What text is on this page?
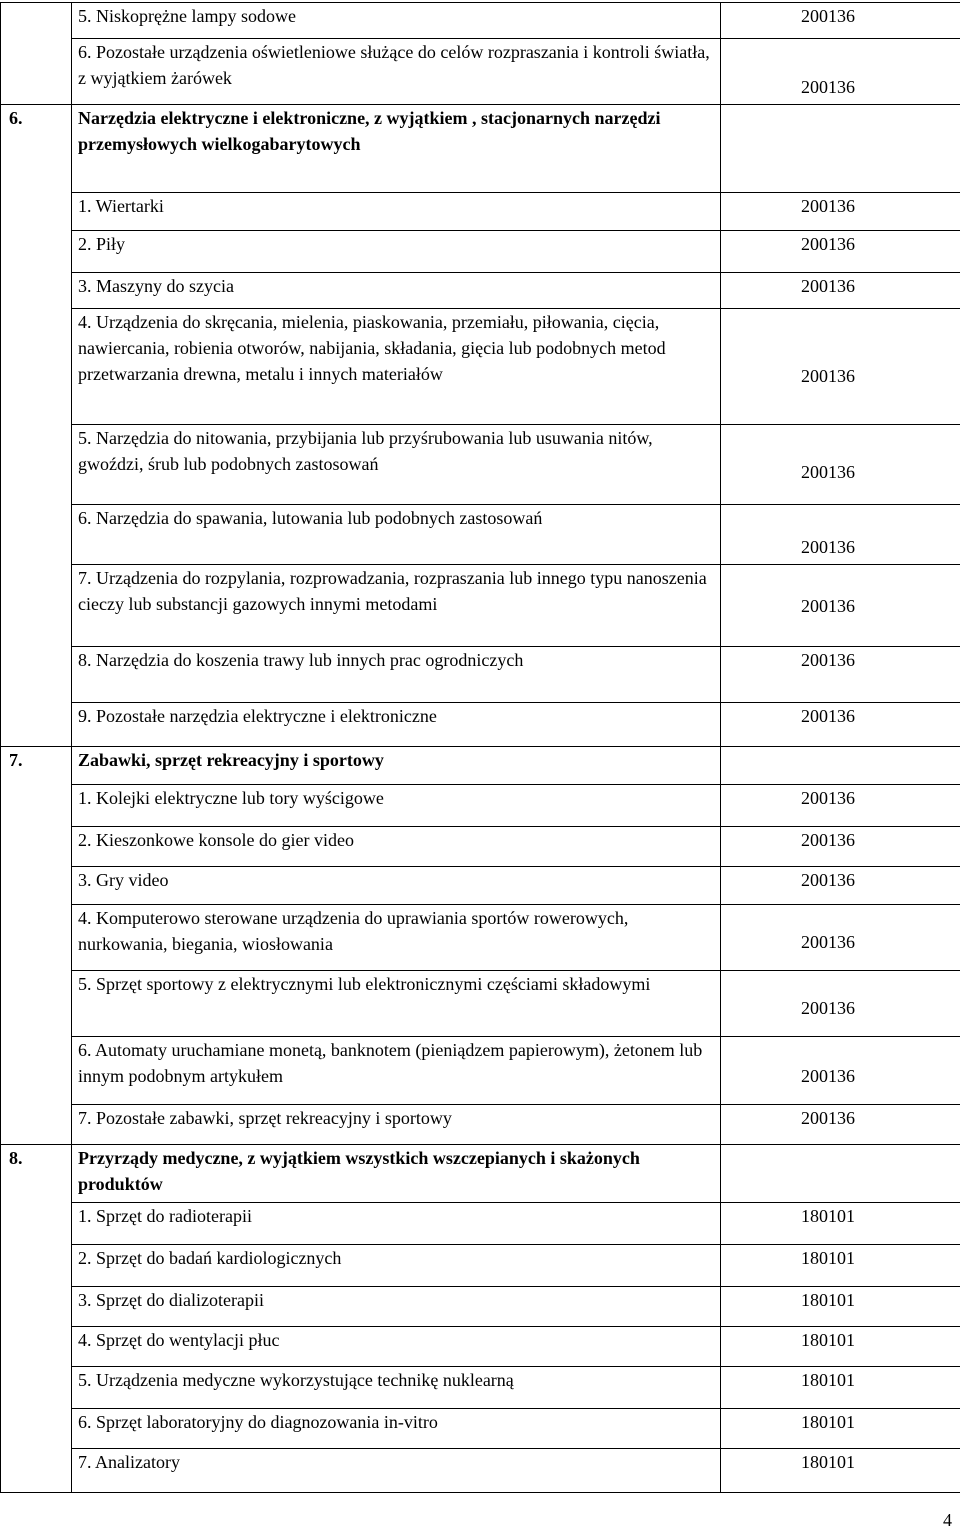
	5. Niskoprężne lampy sodowe	200136

	6. Pozostałe urządzenia oświetleniowe służące do celów rozpraszania i kontroli światła, z wyjątkiem żarówek	200136

6.	Narzędzia elektryczne i elektroniczne, z wyjątkiem , stacjonarnych narzędzi przemysłowych wielkogabarytowych	

	1. Wiertarki	200136

	2. Piły	200136

	3. Maszyny do szycia	200136

	4. Urządzenia do skręcania, mielenia, piaskowania, przemiału, piłowania, cięcia, nawiercania, robienia otworów, nabijania, składania, gięcia lub podobnych metod przetwarzania drewna, metalu i innych materiałów	200136

	5. Narzędzia do nitowania, przybijania lub przyśrubowania lub usuwania nitów, gwoździ, śrub lub podobnych zastosowań	200136

	6. Narzędzia do spawania, lutowania lub podobnych zastosowań	200136

	7. Urządzenia do rozpylania, rozprowadzania, rozpraszania lub innego typu nanoszenia cieczy lub substancji gazowych innymi metodami	200136

	8. Narzędzia do koszenia trawy lub innych prac ogrodniczych	200136

	9. Pozostałe narzędzia elektryczne i elektroniczne	200136

7.	Zabawki, sprzęt rekreacyjny i sportowy	

	1. Kolejki elektryczne lub tory wyścigowe	200136

	2. Kieszonkowe konsole do gier video	200136

	3. Gry video	200136

	4. Komputerowo sterowane urządzenia do uprawiania sportów rowerowych, nurkowania, biegania, wiosłowania	200136

	5. Sprzęt sportowy z elektrycznymi lub elektronicznymi częściami składowymi	200136

	6. Automaty uruchamiane monetą, banknotem (pieniądzem papierowym), żetonem lub innym podobnym artykułem	200136

	7. Pozostałe zabawki, sprzęt rekreacyjny i sportowy	200136

8.	Przyrządy medyczne, z wyjątkiem wszystkich wszczepianych i skażonych produktów	

	1. Sprzęt do radioterapii	180101

	2. Sprzęt do badań kardiologicznych	180101

	3. Sprzęt do dializoterapii	180101

	4. Sprzęt do wentylacji płuc	180101

	5. Urządzenia medyczne wykorzystujące technikę nuklearną	180101

	6. Sprzęt laboratoryjny do diagnozowania in-vitro	180101

	7. Analizatory	180101
4
